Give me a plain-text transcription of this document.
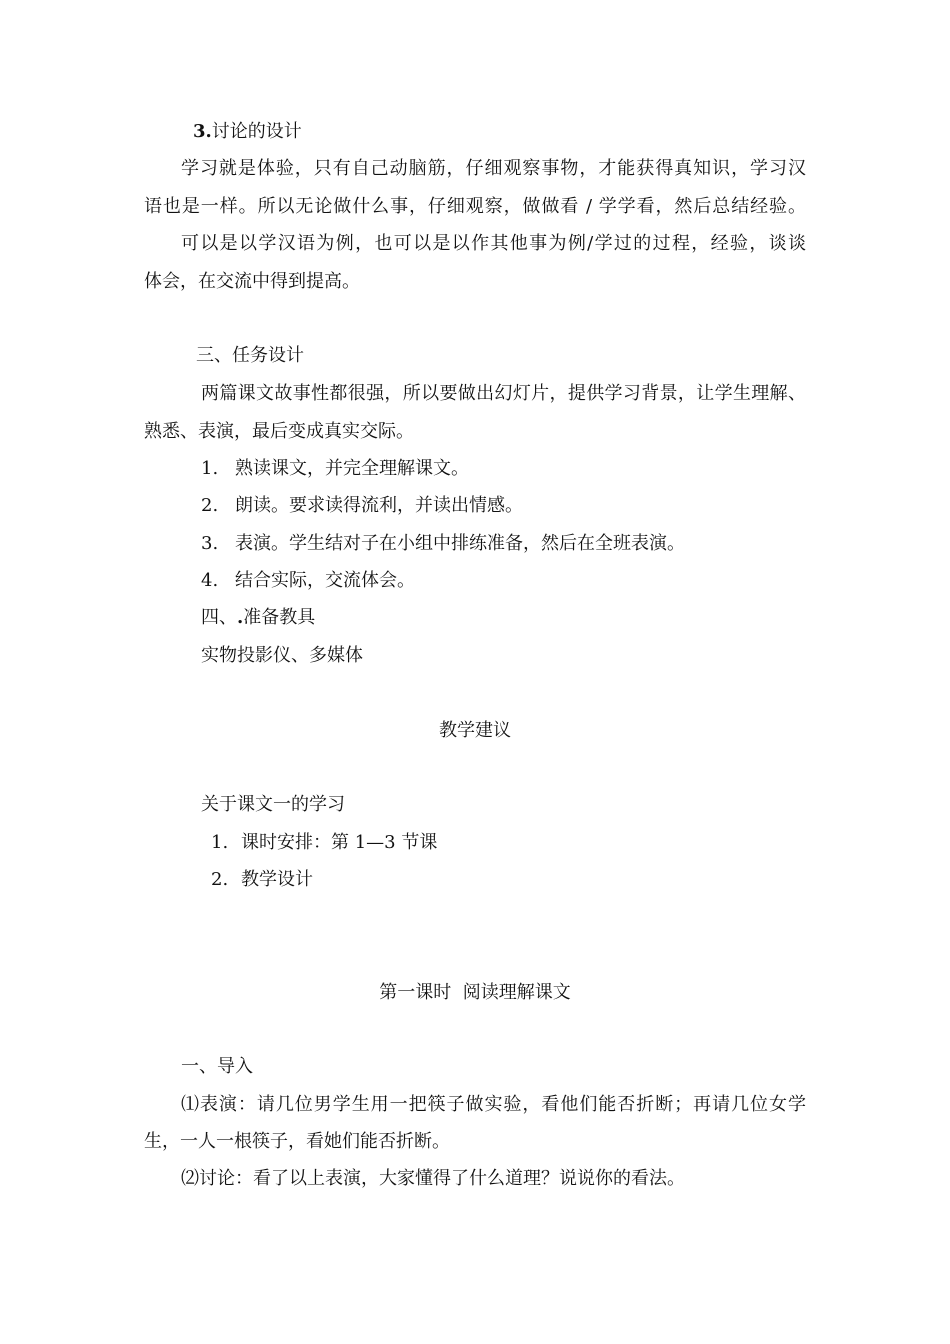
3.讨论的设计
学习就是体验，只有自己动脑筋，仔细观察事物，才能获得真知识，学习汉
语也是一样。所以无论做什么事，仔细观察，做做看 / 学学看，然后总结经验。
可以是以学汉语为例，也可以是以作其他事为例/学过的过程，经验，谈谈
体会，在交流中得到提高。
三、任务设计
两篇课文故事性都很强，所以要做出幻灯片，提供学习背景，让学生理解、
熟悉、表演，最后变成真实交际。
1. 熟读课文，并完全理解课文。
2. 朗读。要求读得流利，并读出情感。
3. 表演。学生结对子在小组中排练准备，然后在全班表演。
4. 结合实际，交流体会。
四、.准备教具
实物投影仪、多媒体
教学建议
关于课文一的学习
1. 课时安排：第 1—3 节课
2. 教学设计
第一课时  阅读理解课文
一、导入
⑴表演：请几位男学生用一把筷子做实验，看他们能否折断；再请几位女学
生，一人一根筷子，看她们能否折断。
⑵讨论：看了以上表演，大家懂得了什么道理？说说你的看法。
